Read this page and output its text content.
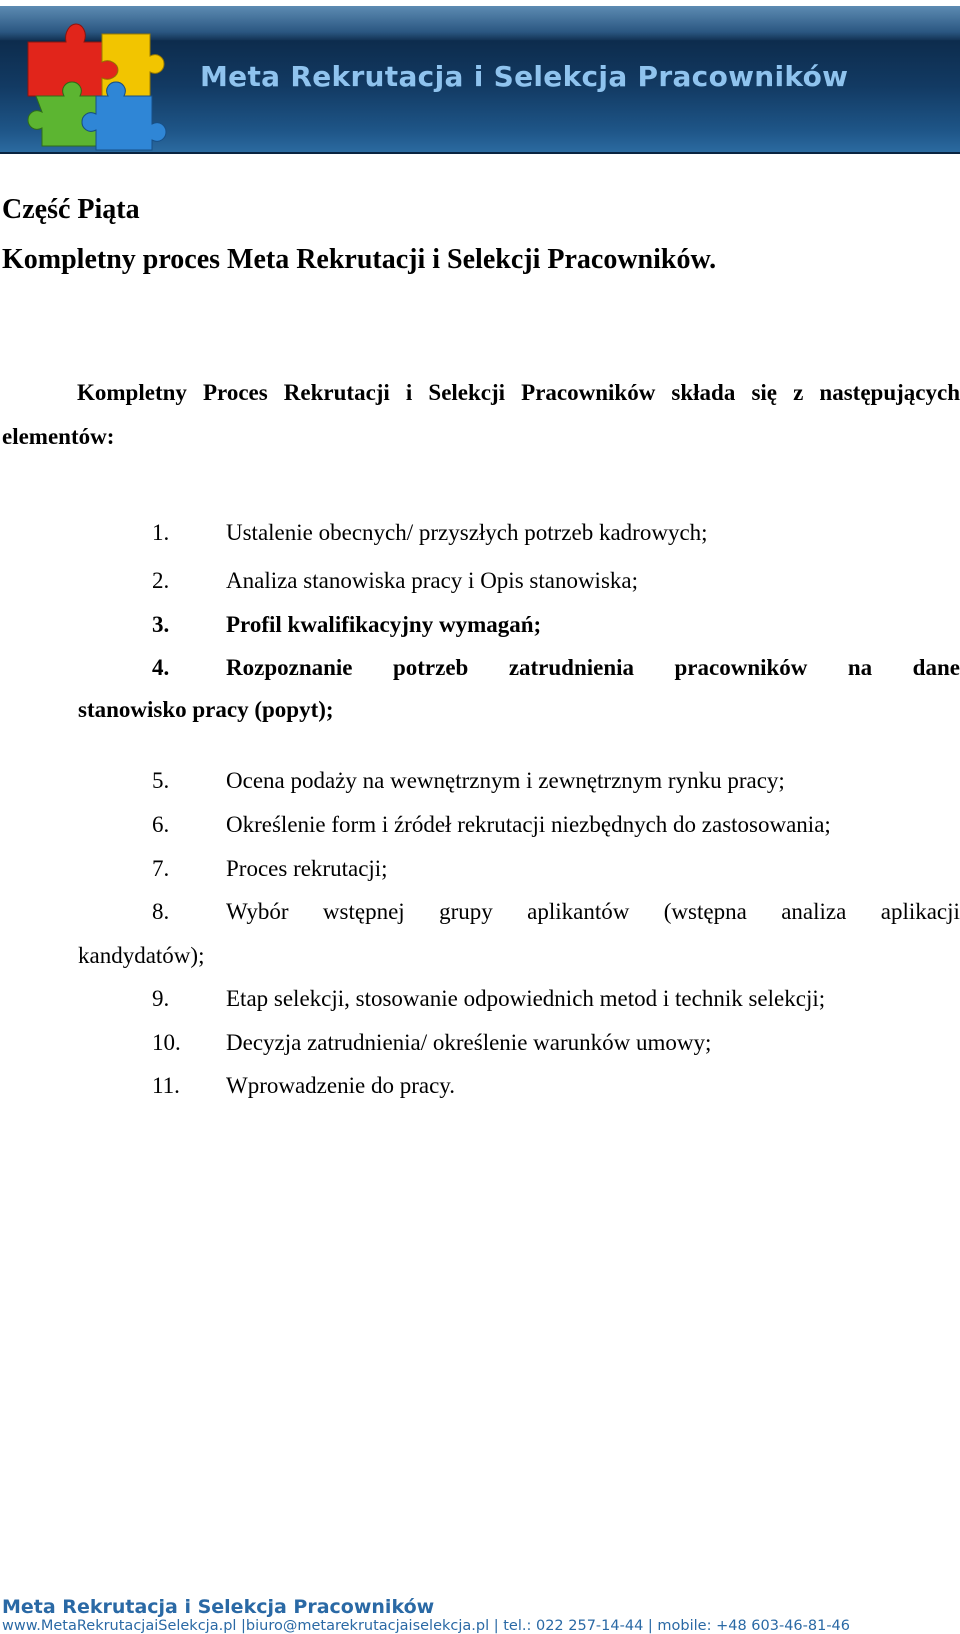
Meta Rekrutacja i Selekcja Pracowników
Część Piąta
Kompletny proces Meta Rekrutacji i Selekcji Pracowników.
Kompletny Proces Rekrutacji i Selekcji Pracowników składa się z następujących
elementów:
1. Ustalenie obecnych/ przyszłych potrzeb kadrowych;
2. Analiza stanowiska pracy i Opis stanowiska;
3. Profil kwalifikacyjny wymagań;
4. Rozpoznanie potrzeb zatrudnienia pracowników na dane
stanowisko pracy (popyt);
5. Ocena podaży na wewnętrznym i zewnętrznym rynku pracy;
6. Określenie form i źródeł rekrutacji niezbędnych do zastosowania;
7. Proces rekrutacji;
8. Wybór wstępnej grupy aplikantów (wstępna analiza aplikacji
kandydatów);
9. Etap selekcji, stosowanie odpowiednich metod i technik selekcji;
10. Decyzja zatrudnienia/ określenie warunków umowy;
11. Wprowadzenie do pracy.
Meta Rekrutacja i Selekcja Pracowników
www.MetaRekrutacjaiSelekcja.pl |biuro@metarekrutacjaiselekcja.pl | tel.: 022 257-14-44 | mobile: +48 603-46-81-46
